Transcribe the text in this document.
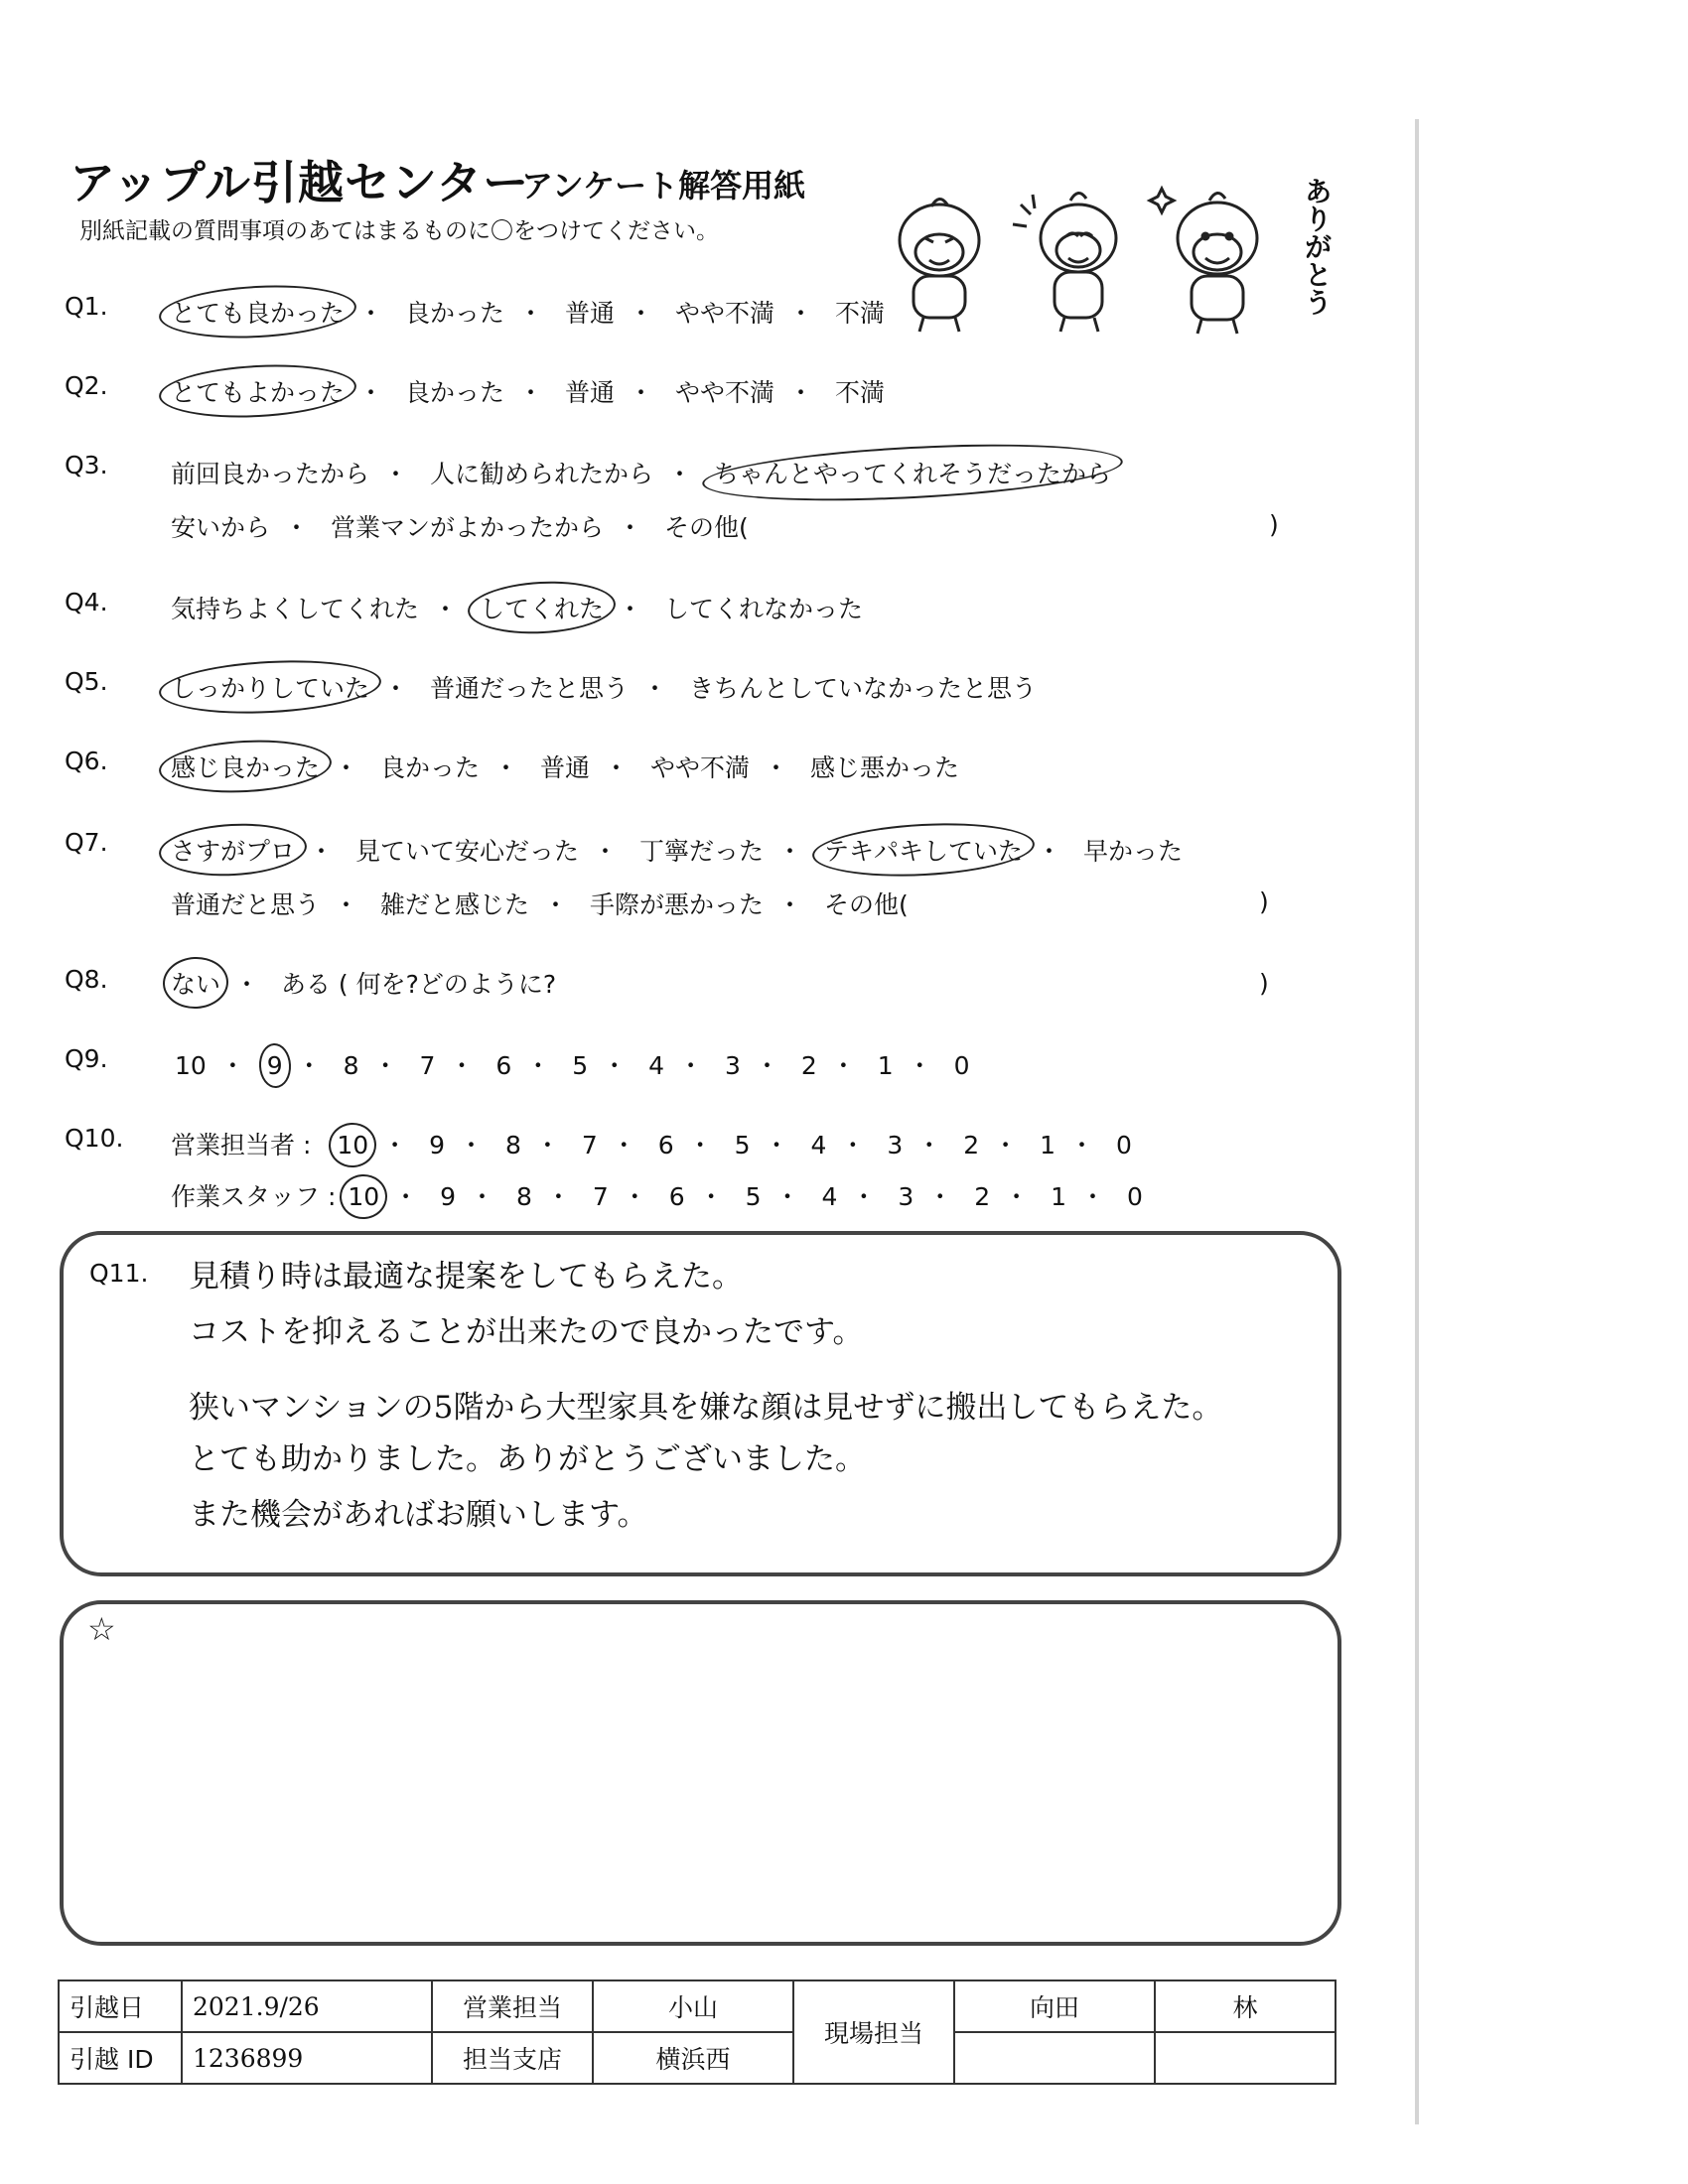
アップル引越センター
アンケート解答用紙
別紙記載の質問事項のあてはまるものに〇をつけてください。	ありがとう
Q1.	とても良かった ・ 良かった ・ 普通 ・ やや不満 ・ 不満
Q2.	とてもよかった ・ 良かった ・ 普通 ・ やや不満 ・ 不満
Q3.	前回良かったから ・ 人に勧められたから ・ ちゃんとやってくれそうだったから
安いから ・ 営業マンがよかったから ・ その他(	)
Q4.	気持ちよくしてくれた ・ してくれた ・ してくれなかった
Q5.	しっかりしていた ・ 普通だったと思う ・ きちんとしていなかったと思う
Q6.	感じ良かった ・ 良かった ・ 普通 ・ やや不満 ・ 感じ悪かった
Q7.	さすがプロ ・ 見ていて安心だった ・ 丁寧だった ・ テキパキしていた ・ 早かった
普通だと思う ・ 雑だと感じた ・ 手際が悪かった ・ その他(	)
Q8.	ない ・ ある ( 何を?どのように?	)
Q9.	10 ・ 9 ・ 8 ・ 7 ・ 6 ・ 5 ・ 4 ・ 3 ・ 2 ・ 1 ・ 0
Q10. 営業担当者 : 10 ・ 9 ・ 8 ・ 7 ・ 6 ・ 5 ・ 4 ・ 3 ・ 2 ・ 1 ・ 0
作業スタッフ : 10 ・ 9 ・ 8 ・ 7 ・ 6 ・ 5 ・ 4 ・ 3 ・ 2 ・ 1 ・ 0
Q11. 見積り時は最適な提案をしてもらえた。
コストを抑えることが出来たので良かったです。
狭いマンションの5階から大型家具を嫌な顔は見せずに搬出してもらえた。
とても助かりました。ありがとうございました。
また機会があればお願いします。
☆
引越日	2021.9/26	営業担当	小山	現場担当	向田	林
引越 ID	1236899	担当支店	横浜西			
